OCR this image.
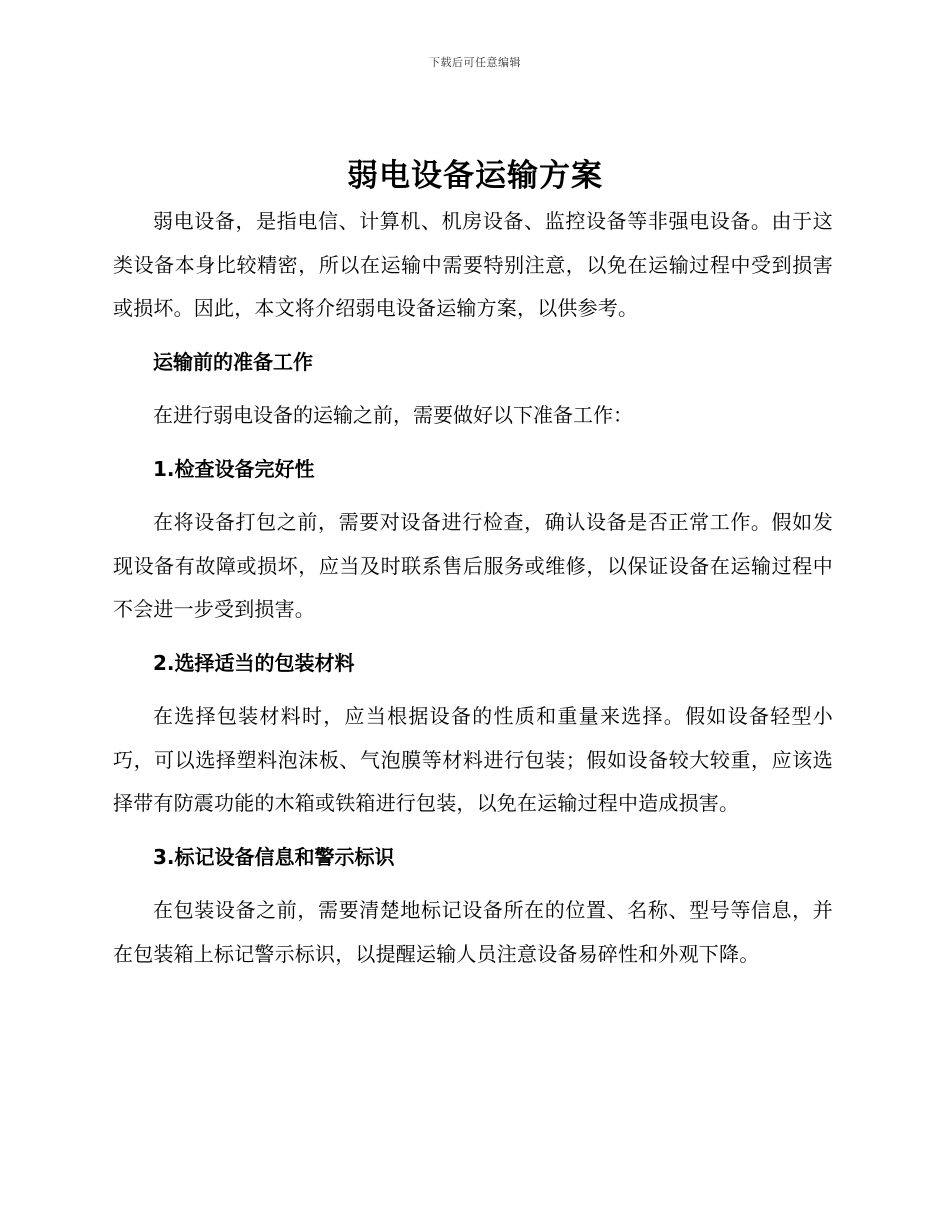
下载后可任意编辑
弱电设备运输方案

弱电设备，是指电信、计算机、机房设备、监控设备等非强电设备。由于这类设备本身比较精密，所以在运输中需要特别注意，以免在运输过程中受到损害或损坏。因此，本文将介绍弱电设备运输方案，以供参考。

运输前的准备工作

在进行弱电设备的运输之前，需要做好以下准备工作：

1.检查设备完好性

在将设备打包之前，需要对设备进行检查，确认设备是否正常工作。假如发现设备有故障或损坏，应当及时联系售后服务或维修，以保证设备在运输过程中不会进一步受到损害。

2.选择适当的包装材料

在选择包装材料时，应当根据设备的性质和重量来选择。假如设备轻型小巧，可以选择塑料泡沫板、气泡膜等材料进行包装；假如设备较大较重，应该选择带有防震功能的木箱或铁箱进行包装，以免在运输过程中造成损害。

3.标记设备信息和警示标识

在包装设备之前，需要清楚地标记设备所在的位置、名称、型号等信息，并在包装箱上标记警示标识，以提醒运输人员注意设备易碎性和外观下降。
